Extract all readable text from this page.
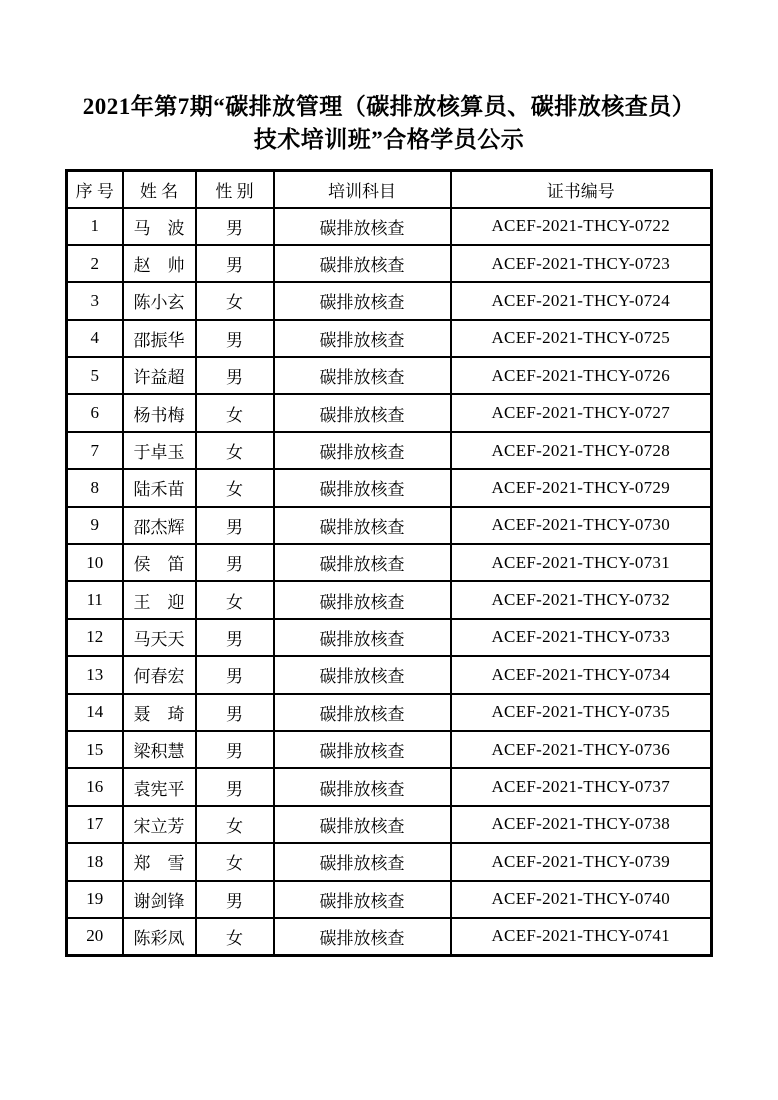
2021年第7期“碳排放管理（碳排放核算员、碳排放核查员）
技术培训班”合格学员公示
序 号	姓 名	性 别	培训科目	证书编号
1	马　波	男	碳排放核查	ACEF-2021-THCY-0722
2	赵　帅	男	碳排放核查	ACEF-2021-THCY-0723
3	陈小玄	女	碳排放核查	ACEF-2021-THCY-0724
4	邵振华	男	碳排放核查	ACEF-2021-THCY-0725
5	许益超	男	碳排放核查	ACEF-2021-THCY-0726
6	杨书梅	女	碳排放核查	ACEF-2021-THCY-0727
7	于卓玉	女	碳排放核查	ACEF-2021-THCY-0728
8	陆禾苗	女	碳排放核查	ACEF-2021-THCY-0729
9	邵杰辉	男	碳排放核查	ACEF-2021-THCY-0730
10	侯　笛	男	碳排放核查	ACEF-2021-THCY-0731
11	王　迎	女	碳排放核查	ACEF-2021-THCY-0732
12	马天天	男	碳排放核查	ACEF-2021-THCY-0733
13	何春宏	男	碳排放核查	ACEF-2021-THCY-0734
14	聂　琦	男	碳排放核查	ACEF-2021-THCY-0735
15	梁积慧	男	碳排放核查	ACEF-2021-THCY-0736
16	袁宪平	男	碳排放核查	ACEF-2021-THCY-0737
17	宋立芳	女	碳排放核查	ACEF-2021-THCY-0738
18	郑　雪	女	碳排放核查	ACEF-2021-THCY-0739
19	谢剑锋	男	碳排放核查	ACEF-2021-THCY-0740
20	陈彩凤	女	碳排放核查	ACEF-2021-THCY-0741
